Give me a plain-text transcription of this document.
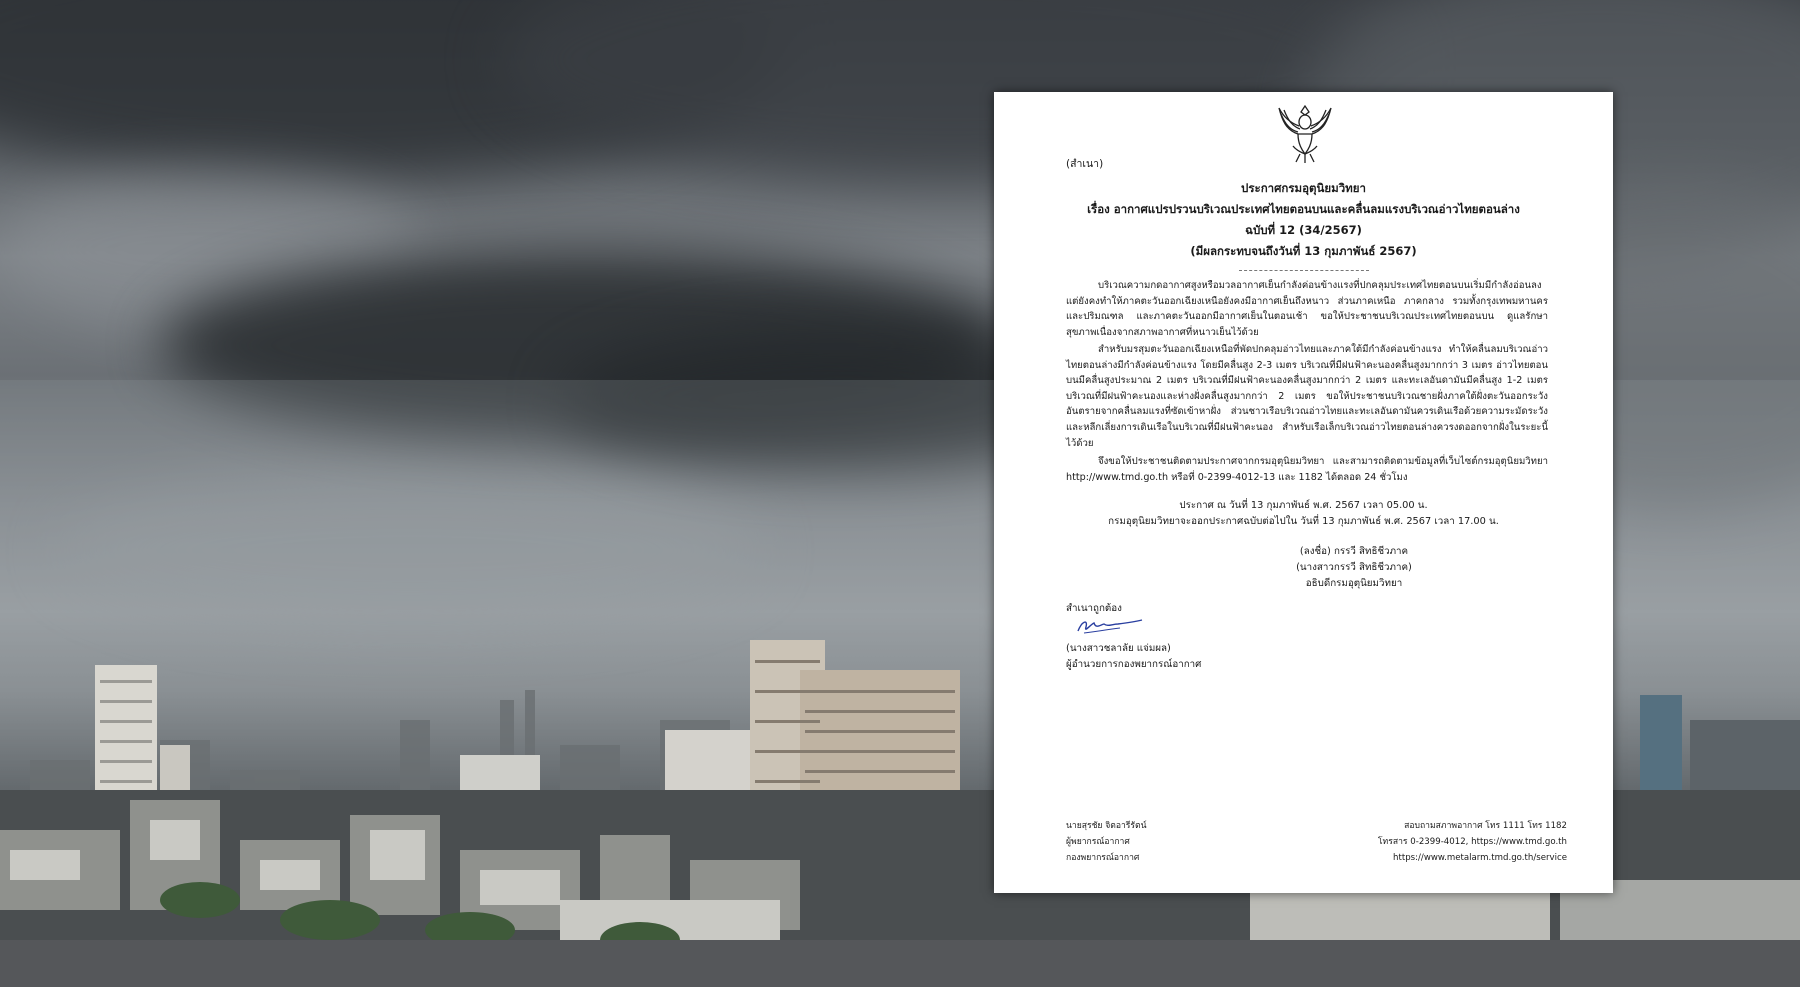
(สำเนา)
ประกาศกรมอุตุนิยมวิทยา
เรื่อง อากาศแปรปรวนบริเวณประเทศไทยตอนบนและคลื่นลมแรงบริเวณอ่าวไทยตอนล่าง
ฉบับที่ 12 (34/2567)
(มีผลกระทบจนถึงวันที่ 13 กุมภาพันธ์ 2567)
บริเวณความกดอากาศสูงหรือมวลอากาศเย็นกำลังค่อนข้างแรงที่ปกคลุมประเทศไทยตอนบนเริ่มมีกำลังอ่อนลง แต่ยังคงทำให้ภาคตะวันออกเฉียงเหนือยังคงมีอากาศเย็นถึงหนาว ส่วนภาคเหนือ ภาคกลาง รวมทั้งกรุงเทพมหานครและปริมณฑล และภาคตะวันออกมีอากาศเย็นในตอนเช้า ขอให้ประชาชนบริเวณประเทศไทยตอนบน ดูแลรักษาสุขภาพเนื่องจากสภาพอากาศที่หนาวเย็นไว้ด้วย
สำหรับมรสุมตะวันออกเฉียงเหนือที่พัดปกคลุมอ่าวไทยและภาคใต้มีกำลังค่อนข้างแรง ทำให้คลื่นลมบริเวณอ่าวไทยตอนล่างมีกำลังค่อนข้างแรง โดยมีคลื่นสูง 2-3 เมตร บริเวณที่มีฝนฟ้าคะนองคลื่นสูงมากกว่า 3 เมตร อ่าวไทยตอนบนมีคลื่นสูงประมาณ 2 เมตร บริเวณที่มีฝนฟ้าคะนองคลื่นสูงมากกว่า 2 เมตร และทะเลอันดามันมีคลื่นสูง 1-2 เมตร บริเวณที่มีฝนฟ้าคะนองและห่างฝั่งคลื่นสูงมากกว่า 2 เมตร ขอให้ประชาชนบริเวณชายฝั่งภาคใต้ฝั่งตะวันออกระวังอันตรายจากคลื่นลมแรงที่ซัดเข้าหาฝั่ง ส่วนชาวเรือบริเวณอ่าวไทยและทะเลอันดามันควรเดินเรือด้วยความระมัดระวังและหลีกเลี่ยงการเดินเรือในบริเวณที่มีฝนฟ้าคะนอง สำหรับเรือเล็กบริเวณอ่าวไทยตอนล่างควรงดออกจากฝั่งในระยะนี้ไว้ด้วย
จึงขอให้ประชาชนติดตามประกาศจากกรมอุตุนิยมวิทยา และสามารถติดตามข้อมูลที่เว็บไซต์กรมอุตุนิยมวิทยา http://www.tmd.go.th หรือที่ 0-2399-4012-13 และ 1182 ได้ตลอด 24 ชั่วโมง
ประกาศ ณ วันที่ 13 กุมภาพันธ์ พ.ศ. 2567 เวลา 05.00 น.
กรมอุตุนิยมวิทยาจะออกประกาศฉบับต่อไปใน วันที่ 13 กุมภาพันธ์ พ.ศ. 2567 เวลา 17.00 น.
(ลงชื่อ) กรรวี สิทธิชีวภาค
(นางสาวกรรวี สิทธิชีวภาค)
อธิบดีกรมอุตุนิยมวิทยา
สำเนาถูกต้อง
(นางสาวชลาลัย แจ่มผล)
ผู้อำนวยการกองพยากรณ์อากาศ
นายสุรชัย จิตอารีรัตน์
ผู้พยากรณ์อากาศ
กองพยากรณ์อากาศ
สอบถามสภาพอากาศ โทร 1111 โทร 1182
โทรสาร 0-2399-4012, https://www.tmd.go.th
https://www.metalarm.tmd.go.th/service
